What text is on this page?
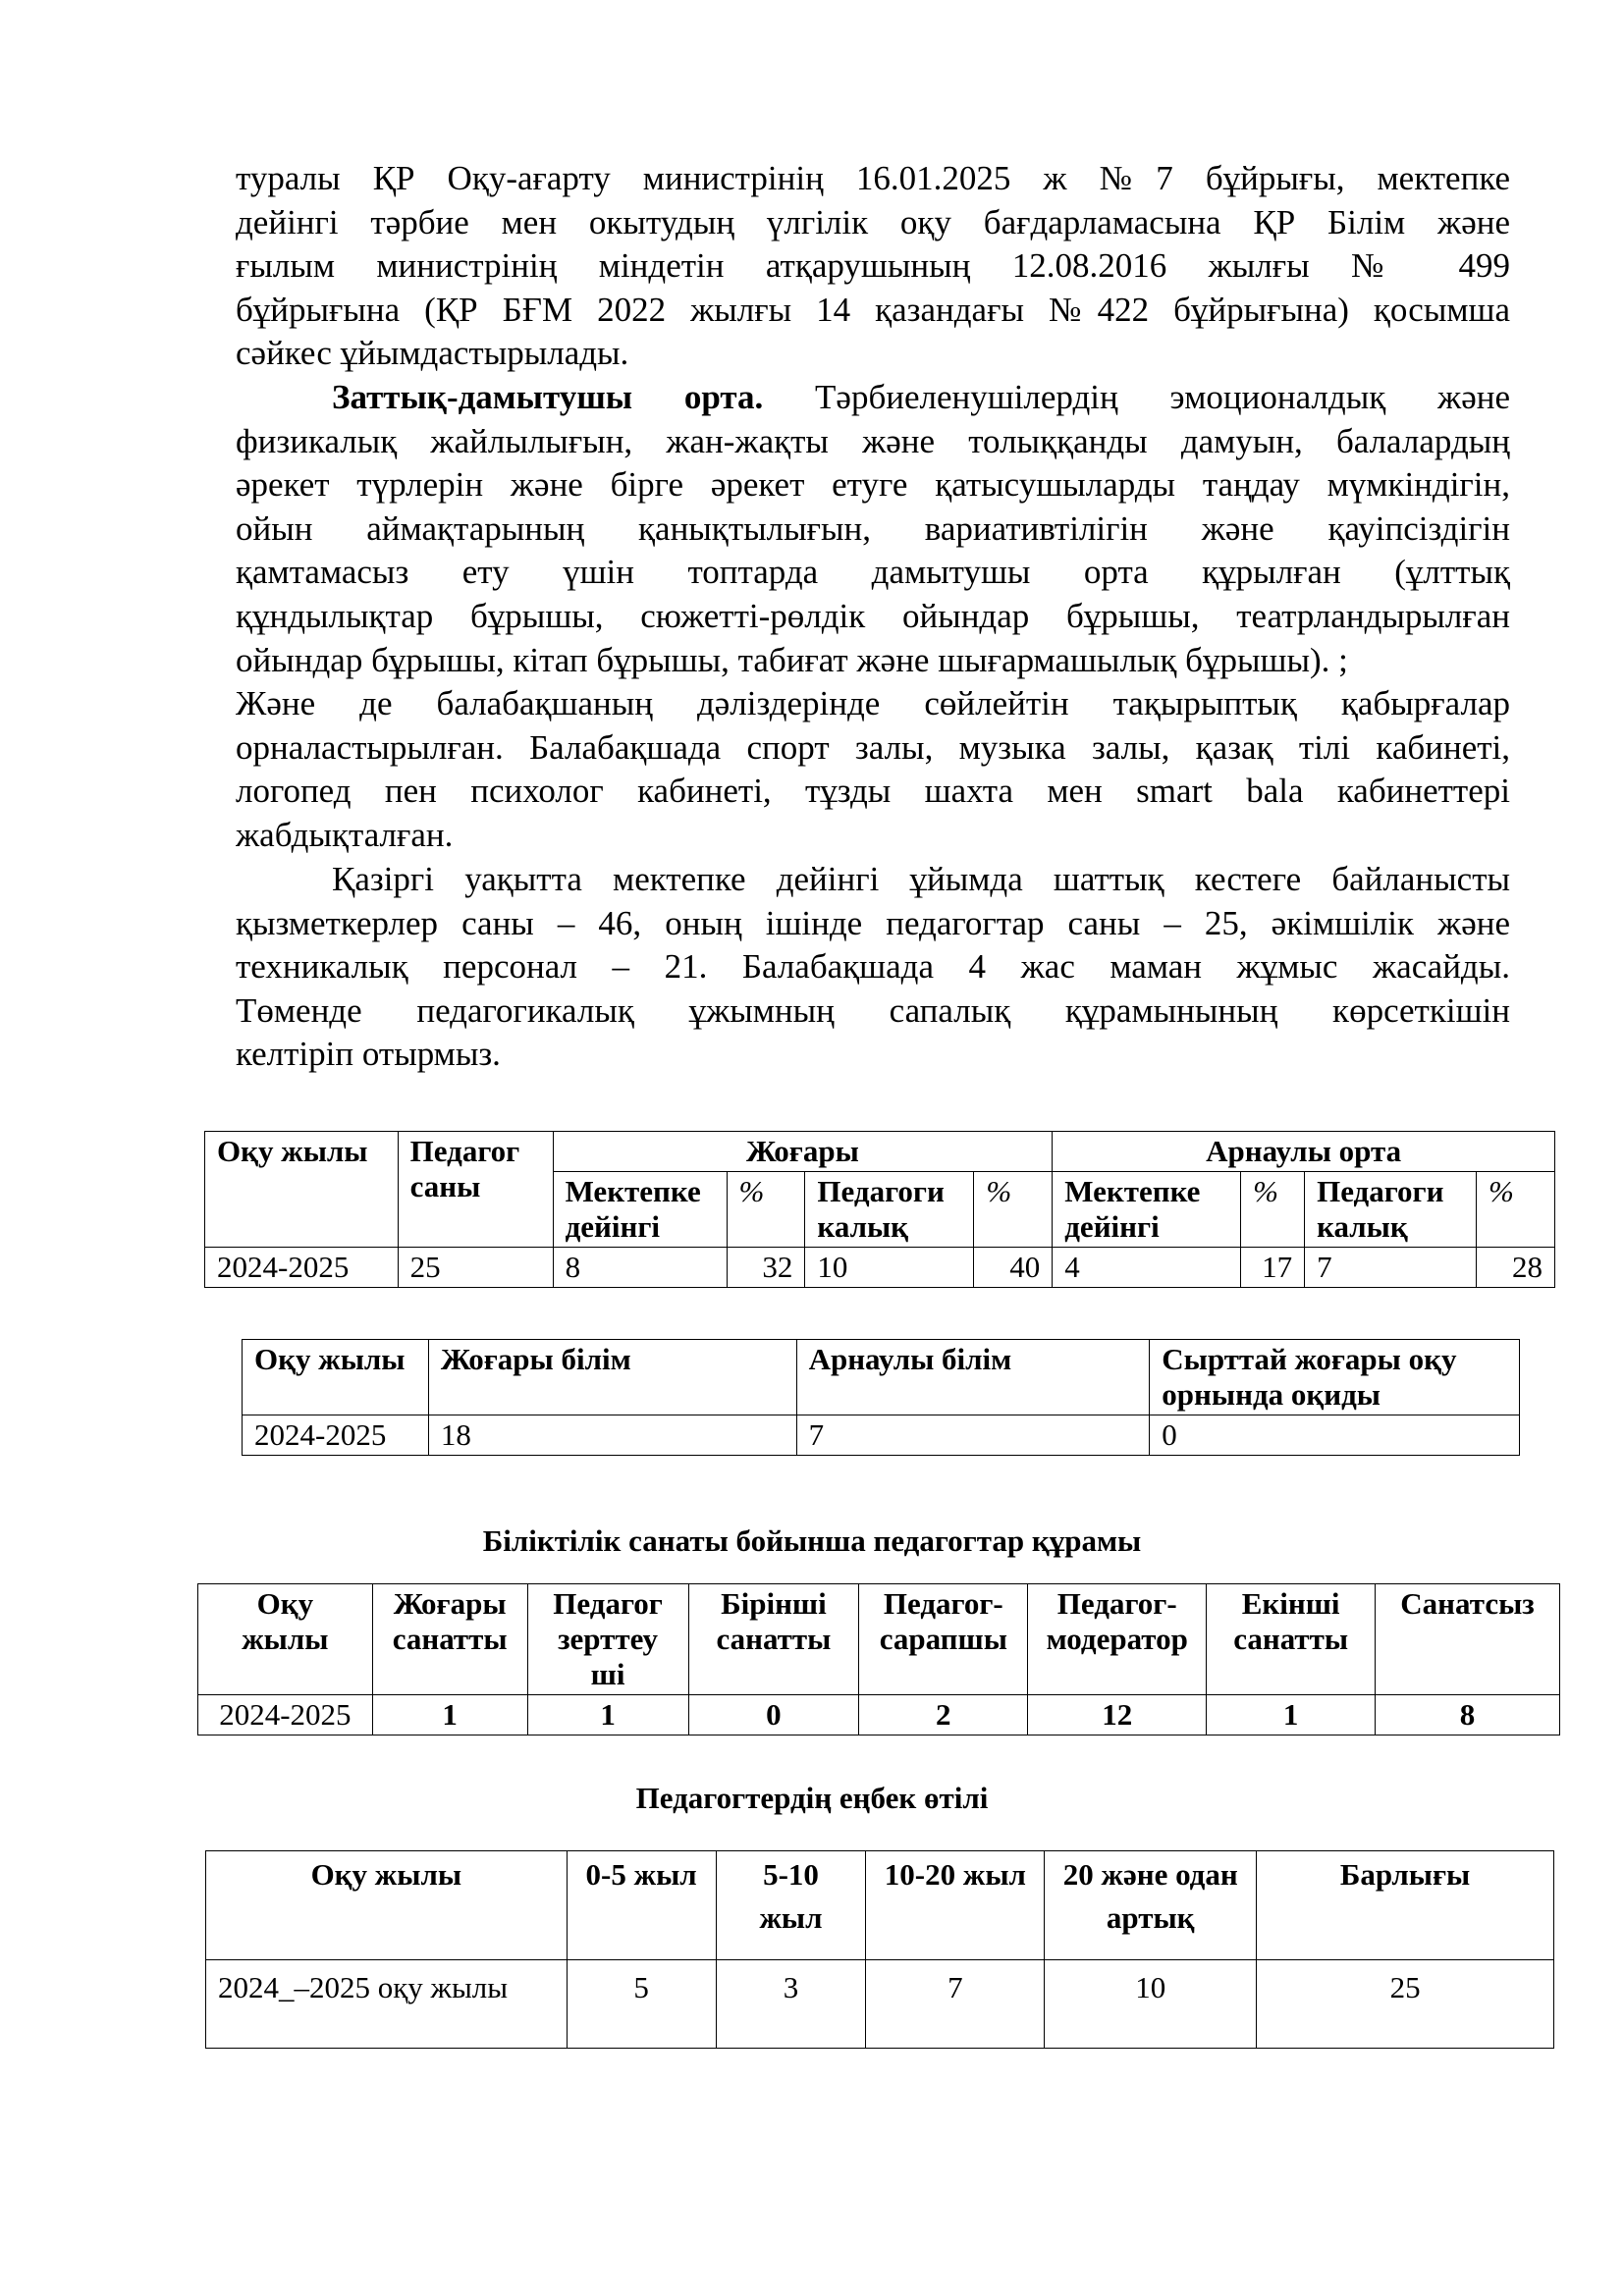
туралы ҚР Оқу-ағарту министрінің 16.01.2025 ж №7 бұйрығы, мектепке
дейінгі тәрбие мен окытудың үлгілік оқу бағдарламасына ҚР Білім және
ғылым министрінің міндетін атқарушының 12.08.2016 жылғы № 499
бұйрығына (ҚР БҒМ 2022 жылғы 14 қазандағы №422 бұйрығына) қосымша
сәйкес ұйымдастырылады.
Заттық-дамытушы орта. Тәрбиеленушілердің эмоционалдық және
физикалық жайлылығын, жан-жақты және толыққанды дамуын, балалардың
әрекет түрлерін және бірге әрекет етуге қатысушыларды таңдау мүмкіндігін,
ойын аймақтарының қанықтылығын, вариативтілігін және қауіпсіздігін
қамтамасыз ету үшін топтарда дамытушы орта құрылған (ұлттық
құндылықтар бұрышы, сюжетті-рөлдік ойындар бұрышы, театрландырылған
ойындар бұрышы, кітап бұрышы, табиғат және шығармашылық бұрышы). ;
Және де балабақшаның дәліздерінде сөйлейтін тақырыптық қабырғалар
орналастырылған. Балабақшада спорт залы, музыка залы, қазақ тілі кабинеті,
логопед пен психолог кабинеті, тұзды шахта мен smart bala кабинеттері
жабдықталған.
Қазіргі уақытта мектепке дейінгі ұйымда шаттық кестеге байланысты
қызметкерлер саны – 46, оның ішінде педагогтар саны – 25, әкімшілік және
техникалық персонал – 21. Балабақшада 4 жас маман жұмыс жасайды.
Төменде педагогикалық ұжымның сапалық құрамынының көрсеткішін
келтіріп отырмыз.
Оқу жылы	Педагог саны	Жоғары				Арнаулы орта			
		Мектепке дейінгі	%	Педагоги калық	%	Мектепке дейінгі	%	Педагоги калық	%
2024-2025	25	8	32	10	40	4	17	7	28
Оқу жылы	Жоғары білім	Арнаулы білім	Сырттай жоғары оқу орнында оқиды
2024-2025	18	7	0
Біліктілік санаты бойынша педагогтар құрамы
Оқу жылы	Жоғары санатты	Педагог зерттеу ші	Бірінші санатты	Педагог-сарапшы	Педагог-модератор	Екінші санатты	Санатсыз
2024-2025	1	1	0	2	12	1	8
Педагогтердің еңбек өтілі
Оқу жылы	0-5 жыл	5-10 жыл	10-20 жыл	20 және одан артық	Барлығы
2024_–2025 оқу жылы	5	3	7	10	25
